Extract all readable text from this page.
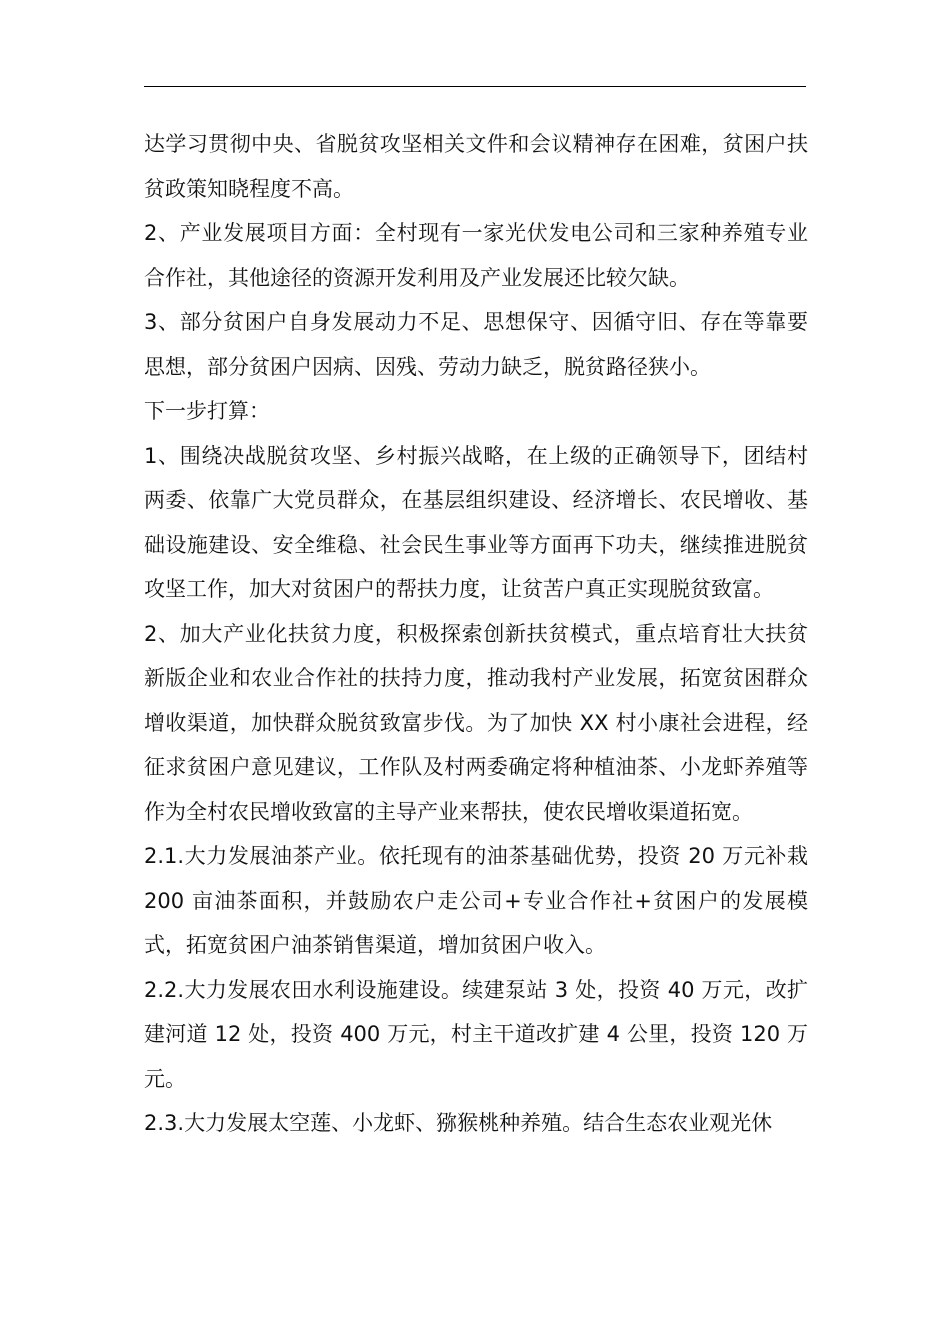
达学习贯彻中央、省脱贫攻坚相关文件和会议精神存在困难，贫困户扶贫政策知晓程度不高。

2、产业发展项目方面：全村现有一家光伏发电公司和三家种养殖专业合作社，其他途径的资源开发利用及产业发展还比较欠缺。

3、部分贫困户自身发展动力不足、思想保守、因循守旧、存在等靠要思想，部分贫困户因病、因残、劳动力缺乏，脱贫路径狭小。

下一步打算：

1、围绕决战脱贫攻坚、乡村振兴战略，在上级的正确领导下，团结村两委、依靠广大党员群众，在基层组织建设、经济增长、农民增收、基础设施建设、安全维稳、社会民生事业等方面再下功夫，继续推进脱贫攻坚工作，加大对贫困户的帮扶力度，让贫苦户真正实现脱贫致富。

2、加大产业化扶贫力度，积极探索创新扶贫模式，重点培育壮大扶贫新版企业和农业合作社的扶持力度，推动我村产业发展，拓宽贫困群众增收渠道，加快群众脱贫致富步伐。为了加快 XX 村小康社会进程，经征求贫困户意见建议，工作队及村两委确定将种植油茶、小龙虾养殖等作为全村农民增收致富的主导产业来帮扶，使农民增收渠道拓宽。

2.1.大力发展油茶产业。依托现有的油茶基础优势，投资 20 万元补栽 200 亩油茶面积，并鼓励农户走公司+专业合作社+贫困户的发展模式，拓宽贫困户油茶销售渠道，增加贫困户收入。

2.2.大力发展农田水利设施建设。续建泵站 3 处，投资 40 万元，改扩建河道 12 处，投资 400 万元，村主干道改扩建 4 公里，投资 120 万元。

2.3.大力发展太空莲、小龙虾、猕猴桃种养殖。结合生态农业观光休
